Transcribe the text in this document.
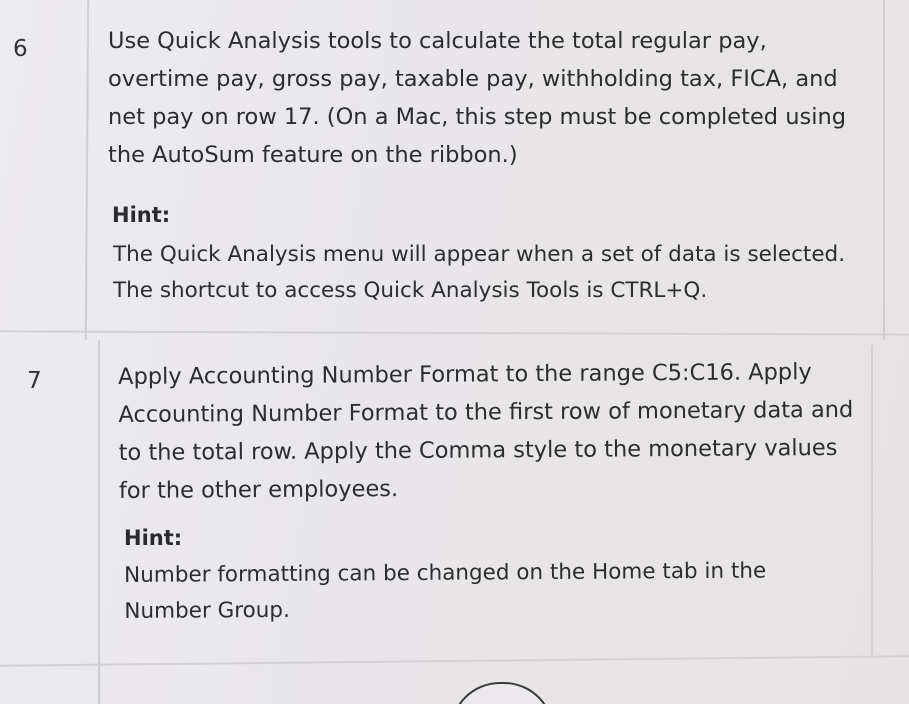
6	Use Quick Analysis tools to calculate the total regular pay, overtime pay, gross pay, taxable pay, withholding tax, FICA, and net pay on row 17. (On a Mac, this step must be completed using the AutoSum feature on the ribbon.)
Hint:
The Quick Analysis menu will appear when a set of data is selected. The shortcut to access Quick Analysis Tools is CTRL+Q.
7	Apply Accounting Number Format to the range C5:C16. Apply Accounting Number Format to the first row of monetary data and to the total row. Apply the Comma style to the monetary values for the other employees.
Hint:
Number formatting can be changed on the Home tab in the Number Group.
